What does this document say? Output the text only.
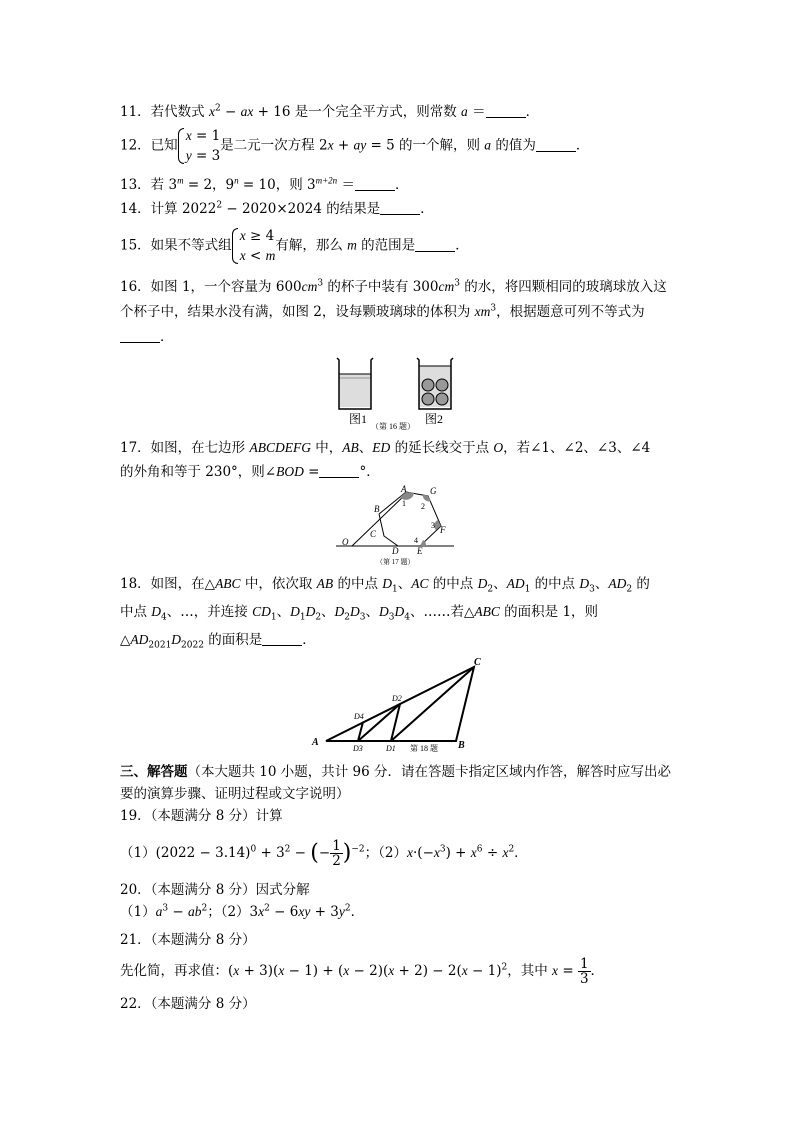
11．若代数式 $x^2$ − ax + 16 是一个完全平方式，则常数 a ＝	．
12．已知x = 1
y = 3是二元一次方程 2x + ay = 5 的一个解，则 a 的值为	．
13．若 $3^m = 2$，$9^n = 10$，则 $3^{m+2n}$ ＝	．
14．计算 $2022^2 - 2020\times 2024$ 的结果是	．
15．如果不等式组x ≥ 4
x < m有解，那么 m 的范围是	．
16．如图 1，一个容量为 $600cm^3$ 的杯子中装有 $300cm^3$ 的水，将四颗相同的玻璃球放入这
个杯子中，结果水没有满，如图 2，设每颗玻璃球的体积为 $xm^3$，根据题意可列不等式为
．
图1
（第 16 题）
图2
17．如图，在七边形 ABCDEFG 中，AB、ED 的延长线交于点 O，若∠1、∠2、∠3、∠4
的外角和等于 230°，则∠BOD =	°．
A	G
B
F
C
O
D E
1 2
3
4
（第 17 题）
18．如图，在△ABC 中，依次取 AB 的中点 $D_1$、AC 的中点 $D_2$、$AD_1$ 的中点 $D_3$、$AD_2$ 的
中点 $D_4$、…，并连接 $CD_1$、$D_1D_2$、$D_2D_3$、$D_3D_4$、……若△ABC 的面积是 1，则
$\triangle AD_{2021}D_{2022}$ 的面积是	．
A	B
C
D2
D4
D3	D1 第 18 题
三、解答题（本大题共 10 小题，共计 96 分．请在答题卡指定区域内作答，解答时应写出必
要的演算步骤、证明过程或文字说明）
19．（本题满分 8 分）计算
$(1)(2022 - 3.14)^0 + 3^2$ − (− $\frac{1}{2} )^{-2}$；$(2)x\cdot(-x^3) + x^6 \div x^2$．
20．（本题满分 8 分）因式分解
$(1)a^3 - ab^2$；$(2)3x^2 - 6xy + 3y^2$．
21．（本题满分 8 分）
先化简，再求值：$(x + 3)(x - 1) + (x - 2)(x + 2) - 2(x - 1)^2$，其中 $x = \frac{1}{3}$ ．
22．（本题满分 8 分）
